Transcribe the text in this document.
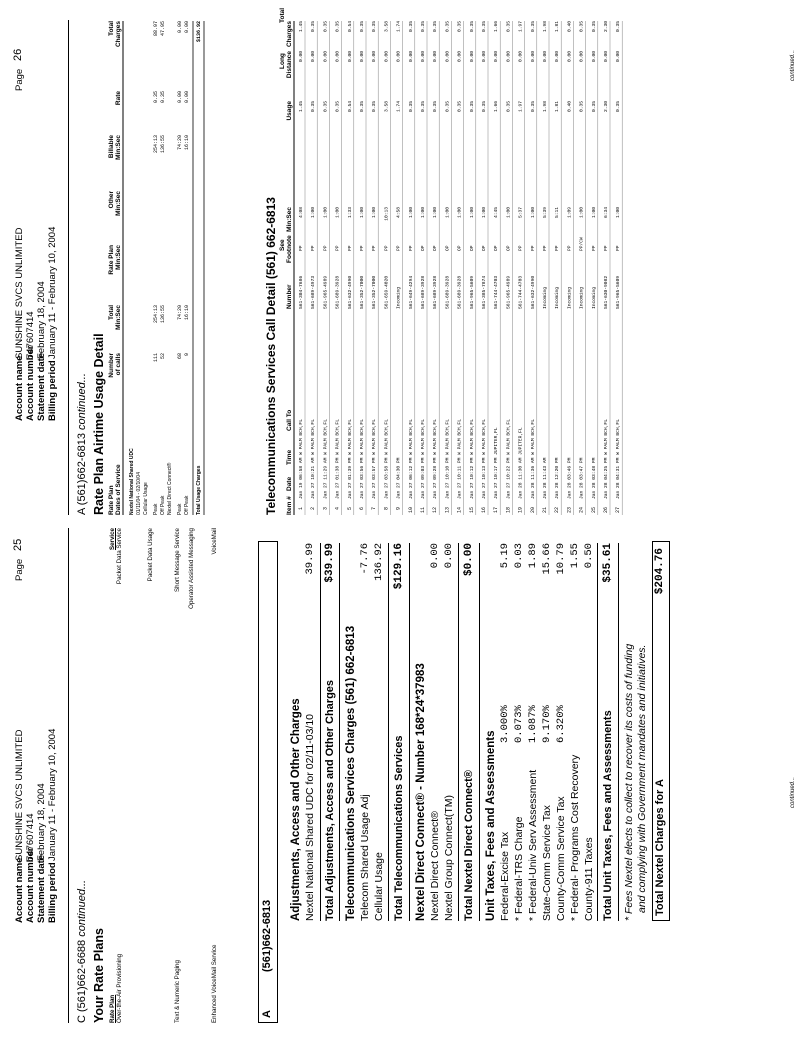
Account name
SUNSHINE SVCS UNLIMITED
Account number
747607414
Statement date
February 18, 2004
Billing period
January 11 - February 10, 2004
Page
25
C (561)662-6688 continued...
Your Rate Plans Rate Plan
Service
Over-the-Air Provisioning
Packet Data Service	Packet Data Usage
Text & Numeric Paging
Short Message Service Operator Assisted Messaging
Enhanced VoiceMail Service
VoiceMail
A
(561)662-6813
Adjustments, Access and Other Charges Nextel National Shared UDC for 02/11-03/10
39.99
Total Adjustments, Access and Other Charges
$39.99
Telecommunications Services Charges (561) 662-6813 Telecom Shared Usage Adj
-7.76
Cellular Usage
136.92
Total Telecommunications Services
$129.16
Nextel Direct Connect® - Number 168*24*37983 Nextel Direct Connect®
0.00
Nextel Group Connect(TM)
0.00
Total Nextel Direct Connect®
$0.00
Unit Taxes, Fees and Assessments Federal-Excise Tax
3.000%
5.19
* Federal-TRS Charge
0.073%
0.03
* Federal-Univ Serv Assessment
1.087%
1.89
State-Comm Service Tax
9.170%
15.66
County-Comm Service Tax
6.320%
10.79
* Federal- Programs Cost Recovery
1.55
County-911 Taxes
0.50
Total Unit Taxes, Fees and Assessments
$35.61
* Fees Nextel elects to collect to recover its costs of funding and complying with Government mandates and initiatives. Total Nextel Charges for A
$204.76
continued...
Account name
SUNSHINE SVCS UNLIMITED
Account number
747607414
Statement date
February 18, 2004
Billing period
January 11 - February 10, 2004
Page
26
A (561)662-6813 continued... Rate Plan Airtime Usage Detail Rate Plan Dates of Service
Number of calls
Total Min:Sec
Rate Plan Min:Sec
Other Min:Sec
Billable Min:Sec
Rate
Total Charges
Nextel National Shared UDC 01/11/04 - 02/10/04 Cellular Usage Peak
111
254:13
254:13
0.35
88.97
Off Peak
52
136:55
136:55
0.35
47.95
Nextel Direct Connect® Peak
68
74:20
74:20
0.00
0.00
Off Peak
9
16:10
16:10
0.00
0.00
Total Usage Charges
$136.92
Telecommunications Services Call Detail (561) 662-6813 See
Long
Total
Item #
Date
Time
Call To
Number
Footnote
Min:Sec
Usage
Distance
Charges
1
Jan 19 06:58 AM W PALM BCH,FL
561-304-7686
PP
4:08
1.45
0.00
1.45
2
Jan 27 10:21 AM W PALM BCH,FL
561-689-4973
PP
1:00
0.35
0.00
0.35
3
Jan 27 11:29 AM W PALM BCH,FL
561-965-4989
PP
1:00
0.35
0.00
0.35
4
Jan 27 01:38 PM W PALM BCH,FL
561-689-3928
PP
1:00
0.35
0.00
0.35
5
Jan 27 01:39 PM W PALM BCH,FL
561-632-4990
PP
1:33
0.54
0.00
0.54
6
Jan 27 03:56 PM W PALM BCH,FL
561-352-7000
PP
1:00
0.35
0.00
0.35
7
Jan 27 03:57 PM W PALM BCH,FL
561-352-7000
PP
1:00
0.35
0.00
0.35
8
Jan 27 03:58 PM W PALM BCH,FL
561-659-4020
PP
10:13
3.58
0.00
3.58
9
Jan 27 04:30 PM
Incoming
PP
4:58
1.74
0.00
1.74
10
Jan 27 06:12 PM W PALM BCH,FL
561-649-4294
PP
1:00
0.35
0.00
0.35
11
Jan 27 09:03 PM W PALM BCH,FL
561-689-3928
OP
1:00
0.35
0.00
0.35
12
Jan 27 09:28 PM W PALM BCH,FL
561-689-3928
OP
1:00
0.35
0.00
0.35
13
Jan 27 10:10 PM W PALM BCH,FL
561-689-3928
OP
1:00
0.35
0.00
0.35
14
Jan 27 10:11 PM W PALM BCH,FL
561-689-3928
OP
1:00
0.35
0.00
0.35
15
Jan 27 10:12 PM W PALM BCH,FL
561-965-5609
OP
1:00
0.35
0.00
0.35
16
Jan 27 10:13 PM W PALM BCH,FL
561-385-7874
OP
1:00
0.35
0.00
0.35
17
Jan 27 10:17 PM JUPITER,FL
561-744-4703
OP
4:45
1.66
0.00
1.66
18
Jan 27 10:22 PM W PALM BCH,FL
561-965-4989
OP
1:00
0.35
0.00
0.35
19
Jan 28 11:30 AM JUPITER,FL
561-744-4703
PP
5:37
1.97
0.00
1.97
20
Jan 28 11:36 AM W PALM BCH,FL
561-632-4990
PP
1:00
0.35
0.00
0.35
21
Jan 28 11:43 AM
Incoming
PP
5:39
1.98
0.00
1.98
22
Jan 28 12:20 PM
Incoming
PP
5:11
1.81
0.00
1.81
23
Jan 28 03:46 PM
Incoming
PP
1:09
0.40
0.00
0.40
24
Jan 28 03:47 PM
Incoming
PP/CW
1:00
0.35
0.00
0.35
25
Jan 28 03:48 PM
Incoming
PP
1:00
0.35
0.00
0.35
26
Jan 28 04:25 PM W PALM BCH,FL
561-630-9082
PP
6:34
2.30
0.00
2.30
27
Jan 28 04:31 PM W PALM BCH,FL
561-965-5609
PP
1:00
0.35
0.00
0.35
continued...
